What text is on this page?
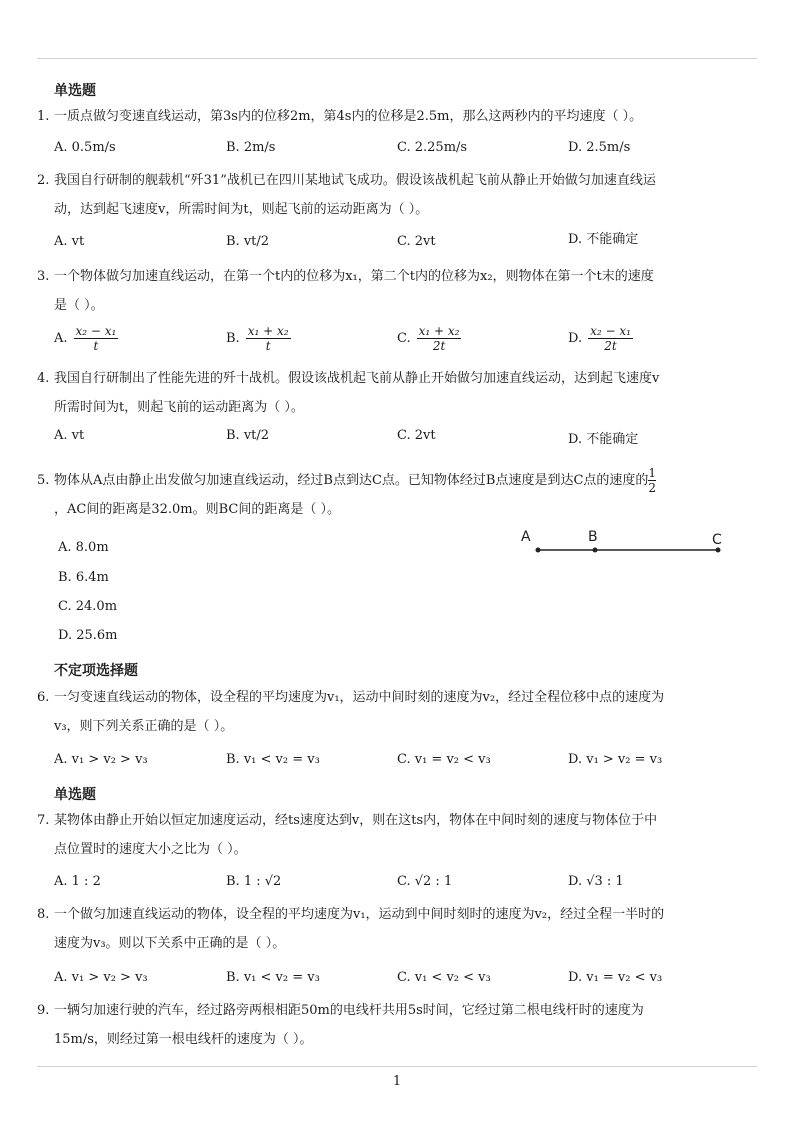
单选题
1. 一质点做匀变速直线运动，第3s内的位移2m，第4s内的位移是2.5m，那么这两秒内的平均速度（ ）。
A. 0.5m/s	B. 2m/s	C. 2.25m/s	D. 2.5m/s
2. 我国自行研制的舰载机“歼31”战机已在四川某地试飞成功。假设该战机起飞前从静止开始做匀加速直线运
动，达到起飞速度v，所需时间为t，则起飞前的运动距离为（ ）。
A. vt	B. vt/2	C. 2vt	D. 不能确定
3. 一个物体做匀加速直线运动，在第一个t内的位移为x₁，第二个t内的位移为x₂，则物体在第一个t末的速度
是（ ）。
A. $\frac{\text{x₂ − x₁}}{t}$	B. $\frac{\text{x₁ + x₂}}{t}$	C. $\frac{\text{x₁ + x₂}}{2t}$	D. $\frac{\text{x₂ − x₁}}{2t}$
4. 我国自行研制出了性能先进的歼十战机。假设该战机起飞前从静止开始做匀加速直线运动，达到起飞速度v
所需时间为t，则起飞前的运动距离为（ ）。
A. vt	B. vt/2	C. 2vt	D. 不能确定
5. 物体从A点由静止出发做匀加速直线运动，经过B点到达C点。已知物体经过B点速度是到达C点的速度的 $\frac{1}{2}$
，AC间的距离是32.0m。则BC间的距离是（ ）。
A. 8.0m
B. 6.4m
C. 24.0m
D. 25.6m
A	B	C
不定项选择题
6. 一匀变速直线运动的物体，设全程的平均速度为v₁，运动中间时刻的速度为v₂，经过全程位移中点的速度为
v₃，则下列关系正确的是（ ）。
A. v₁ > v₂ > v₃	B. v₁ < v₂ = v₃	C. v₁ = v₂ < v₃	D. v₁ > v₂ = v₃
单选题
7. 某物体由静止开始以恒定加速度运动，经ts速度达到v，则在这ts内，物体在中间时刻的速度与物体位于中
点位置时的速度大小之比为（ ）。
A. 1 : 2	B. 1 : √2	C. √2 : 1	D. √3 : 1
8. 一个做匀加速直线运动的物体，设全程的平均速度为v₁，运动到中间时刻时的速度为v₂，经过全程一半时的
速度为v₃。则以下关系中正确的是（ ）。
A. v₁ > v₂ > v₃	B. v₁ < v₂ = v₃	C. v₁ < v₂ < v₃	D. v₁ = v₂ < v₃
9. 一辆匀加速行驶的汽车，经过路旁两根相距50m的电线杆共用5s时间，它经过第二根电线杆时的速度为
15m/s，则经过第一根电线杆的速度为（ ）。
1
